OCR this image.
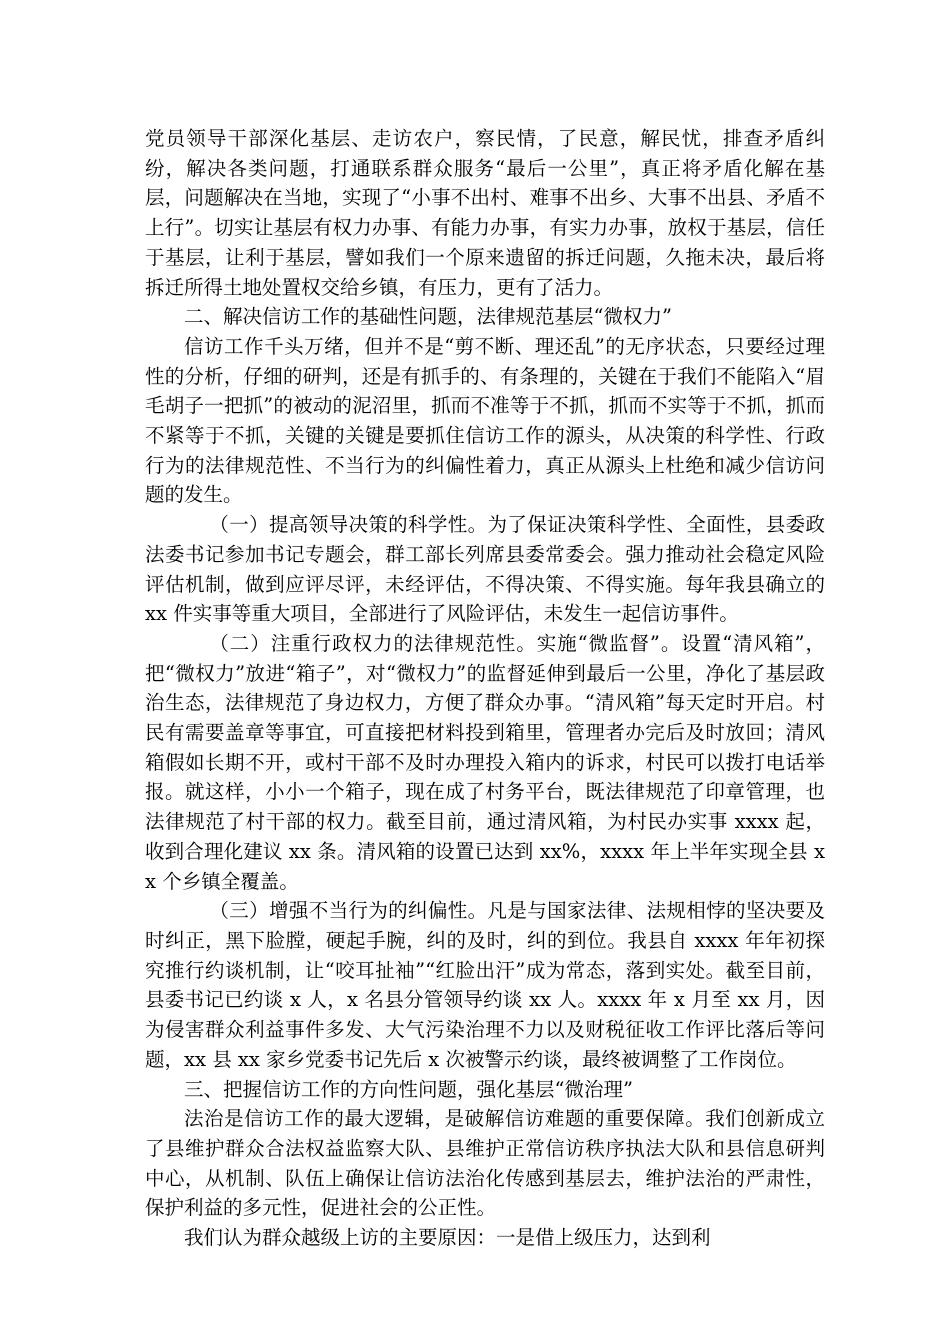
党员领导干部深化基层、走访农户，察民情，了民意，解民忧，排查矛盾纠纷，解决各类问题，打通联系群众服务“最后一公里”，真正将矛盾化解在基层，问题解决在当地，实现了“小事不出村、难事不出乡、大事不出县、矛盾不上行”。切实让基层有权力办事、有能力办事，有实力办事，放权于基层，信任于基层，让利于基层，譬如我们一个原来遗留的拆迁问题，久拖未决，最后将拆迁所得土地处置权交给乡镇，有压力，更有了活力。

二、解决信访工作的基础性问题，法律规范基层“微权力”

信访工作千头万绪，但并不是“剪不断、理还乱”的无序状态，只要经过理性的分析，仔细的研判，还是有抓手的、有条理的，关键在于我们不能陷入“眉毛胡子一把抓”的被动的泥沼里，抓而不准等于不抓，抓而不实等于不抓，抓而不紧等于不抓，关键的关键是要抓住信访工作的源头，从决策的科学性、行政行为的法律规范性、不当行为的纠偏性着力，真正从源头上杜绝和减少信访问题的发生。

（一）提高领导决策的科学性。为了保证决策科学性、全面性，县委政法委书记参加书记专题会，群工部长列席县委常委会。强力推动社会稳定风险评估机制，做到应评尽评，未经评估，不得决策、不得实施。每年我县确立的 xx 件实事等重大项目，全部进行了风险评估，未发生一起信访事件。

（二）注重行政权力的法律规范性。实施“微监督”。设置“清风箱”，把“微权力”放进“箱子”，对“微权力”的监督延伸到最后一公里，净化了基层政治生态，法律规范了身边权力，方便了群众办事。“清风箱”每天定时开启。村民有需要盖章等事宜，可直接把材料投到箱里，管理者办完后及时放回；清风箱假如长期不开，或村干部不及时办理投入箱内的诉求，村民可以拨打电话举报。就这样，小小一个箱子，现在成了村务平台，既法律规范了印章管理，也法律规范了村干部的权力。截至目前，通过清风箱，为村民办实事 xxxx 起，收到合理化建议 xx 条。清风箱的设置已达到 xx%，xxxx 年上半年实现全县 xx 个乡镇全覆盖。

（三）增强不当行为的纠偏性。凡是与国家法律、法规相悖的坚决要及时纠正，黑下脸膛，硬起手腕，纠的及时，纠的到位。我县自 xxxx 年年初探究推行约谈机制，让“咬耳扯袖”“红脸出汗”成为常态，落到实处。截至目前，县委书记已约谈 x 人，x 名县分管领导约谈 xx 人。xxxx 年 x 月至 xx 月，因为侵害群众利益事件多发、大气污染治理不力以及财税征收工作评比落后等问题，xx 县 xx 家乡党委书记先后 x 次被警示约谈，最终被调整了工作岗位。

三、把握信访工作的方向性问题，强化基层“微治理”

法治是信访工作的最大逻辑，是破解信访难题的重要保障。我们创新成立了县维护群众合法权益监察大队、县维护正常信访秩序执法大队和县信息研判中心，从机制、队伍上确保让信访法治化传感到基层去，维护法治的严肃性，保护利益的多元性，促进社会的公正性。

我们认为群众越级上访的主要原因：一是借上级压力，达到利
